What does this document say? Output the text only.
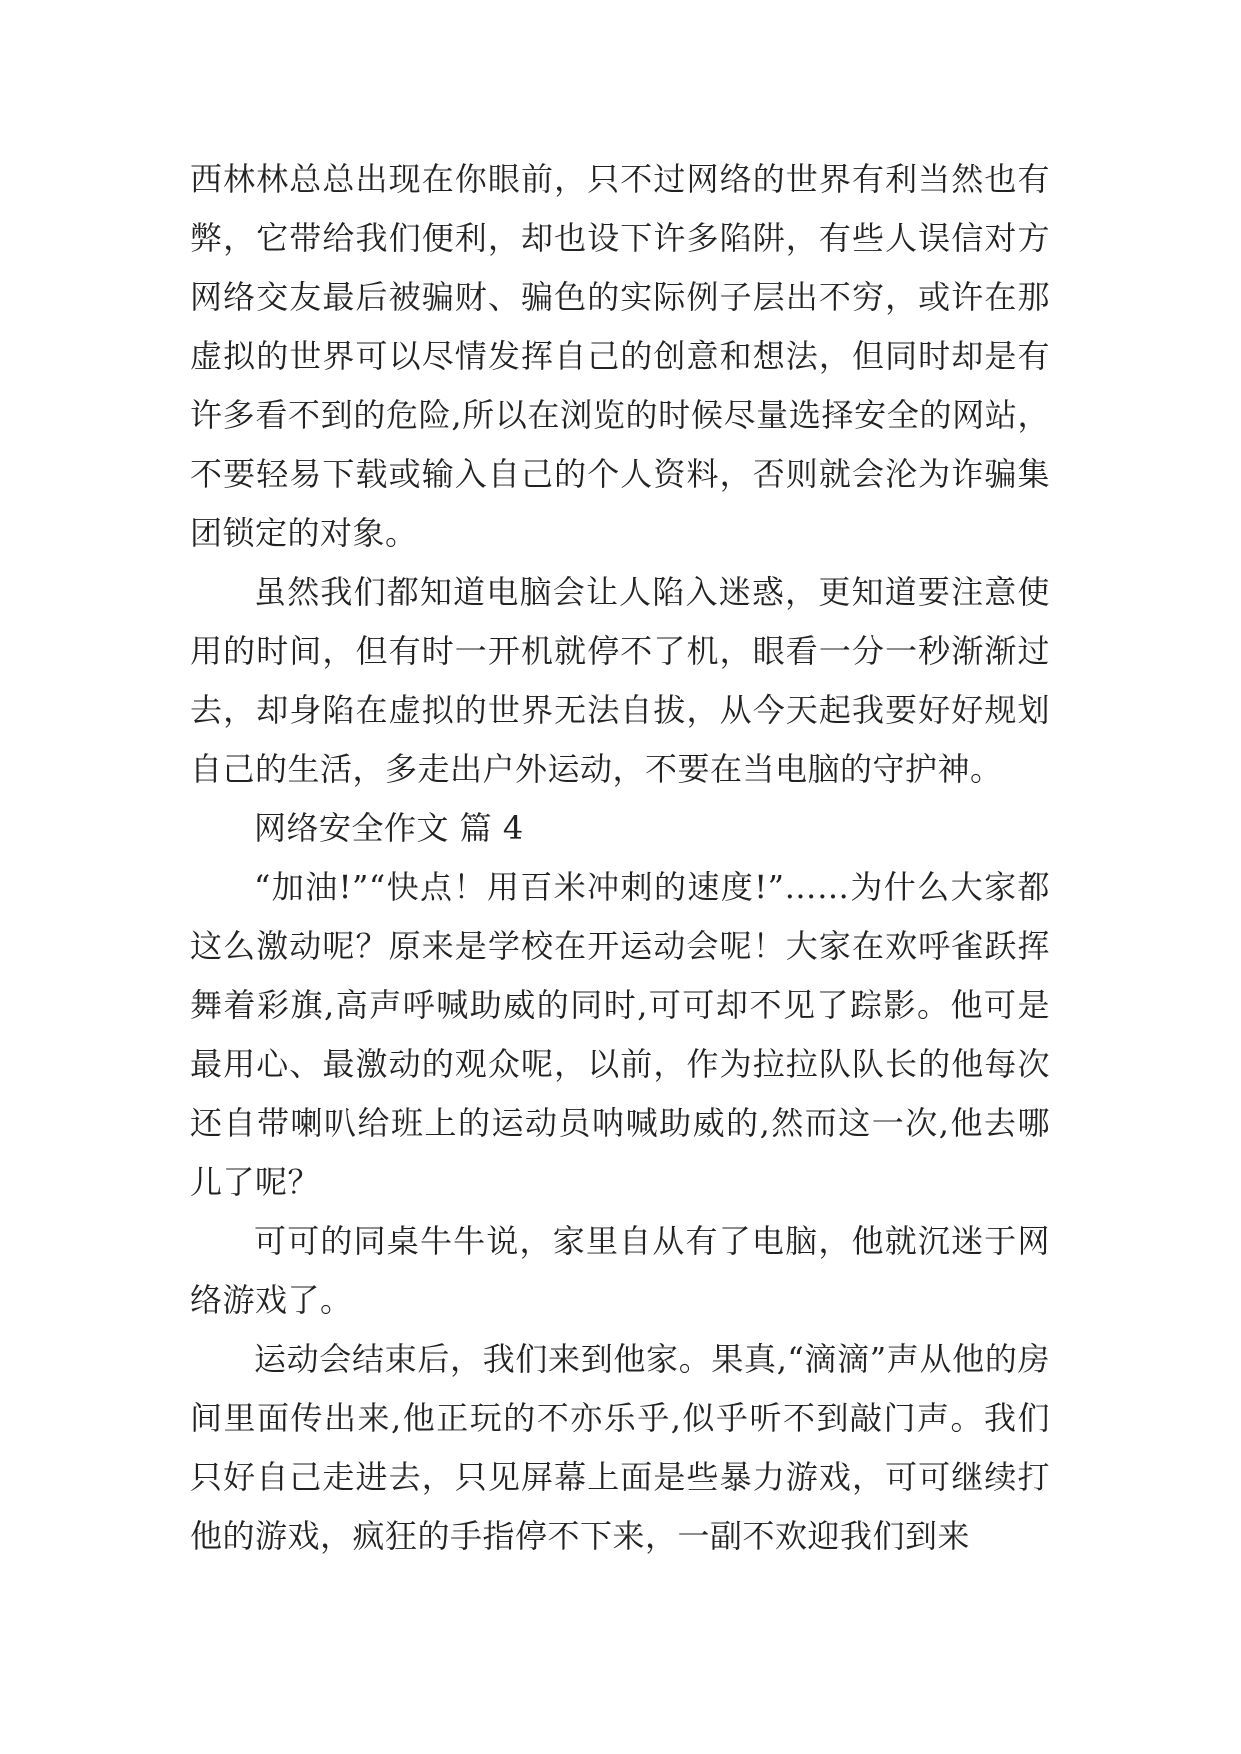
西林林总总出现在你眼前，只不过网络的世界有利当然也有弊，它带给我们便利，却也设下许多陷阱，有些人误信对方网络交友最后被骗财、骗色的实际例子层出不穷，或许在那虚拟的世界可以尽情发挥自己的创意和想法，但同时却是有许多看不到的危险,所以在浏览的时候尽量选择安全的网站，不要轻易下载或输入自己的个人资料，否则就会沦为诈骗集团锁定的对象。

虽然我们都知道电脑会让人陷入迷惑，更知道要注意使用的时间，但有时一开机就停不了机，眼看一分一秒渐渐过去，却身陷在虚拟的世界无法自拔，从今天起我要好好规划自己的生活，多走出户外运动，不要在当电脑的守护神。

网络安全作文 篇 4

“加油!”“快点！用百米冲刺的速度!”……为什么大家都这么激动呢？原来是学校在开运动会呢！大家在欢呼雀跃挥舞着彩旗,高声呼喊助威的同时,可可却不见了踪影。他可是最用心、最激动的观众呢，以前，作为拉拉队队长的他每次还自带喇叭给班上的运动员呐喊助威的,然而这一次,他去哪儿了呢？

可可的同桌牛牛说，家里自从有了电脑，他就沉迷于网络游戏了。

运动会结束后，我们来到他家。果真,“滴滴”声从他的房间里面传出来,他正玩的不亦乐乎,似乎听不到敲门声。我们只好自己走进去，只见屏幕上面是些暴力游戏，可可继续打他的游戏，疯狂的手指停不下来，一副不欢迎我们到来
